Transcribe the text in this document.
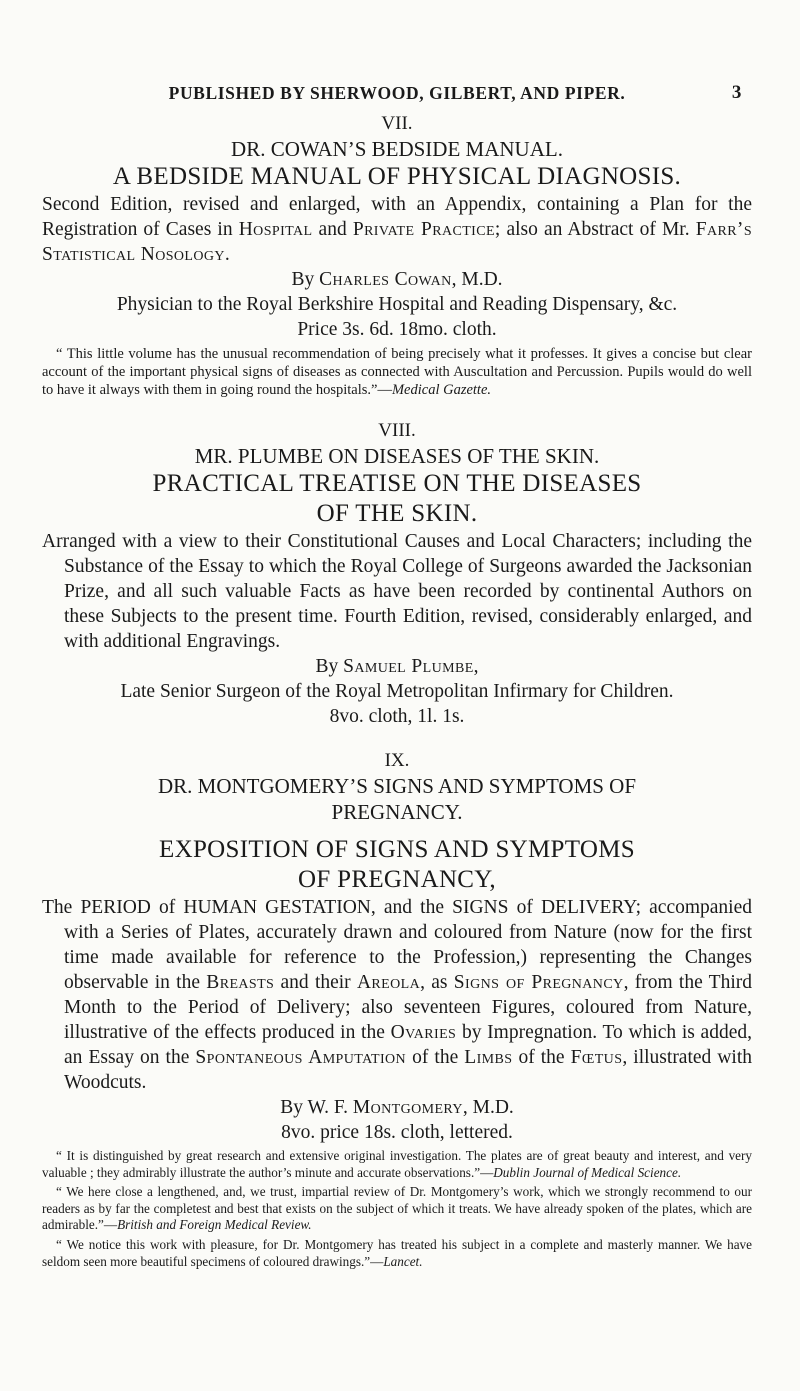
PUBLISHED BY SHERWOOD, GILBERT, AND PIPER.	3
VII.
DR. COWAN’S BEDSIDE MANUAL.
A BEDSIDE MANUAL OF PHYSICAL DIAGNOSIS.
Second Edition, revised and enlarged, with an Appendix, containing a Plan for the Registration of Cases in Hospital and Private Practice; also an Abstract of Mr. Farr’s Statistical Nosology.
By Charles Cowan, M.D.
Physician to the Royal Berkshire Hospital and Reading Dispensary, &c.
Price 3s. 6d. 18mo. cloth.

“ This little volume has the unusual recommendation of being precisely what it professes. It gives a concise but clear account of the important physical signs of diseases as connected with Auscultation and Percussion. Pupils would do well to have it always with them in going round the hospitals.”—Medical Gazette.

VIII.
MR. PLUMBE ON DISEASES OF THE SKIN.
PRACTICAL TREATISE ON THE DISEASES
OF THE SKIN.
Arranged with a view to their Constitutional Causes and Local Characters; including the Substance of the Essay to which the Royal College of Surgeons awarded the Jacksonian Prize, and all such valuable Facts as have been recorded by continental Authors on these Subjects to the present time. Fourth Edition, revised, considerably enlarged, and with additional Engravings.
By Samuel Plumbe,
Late Senior Surgeon of the Royal Metropolitan Infirmary for Children.
8vo. cloth, 1l. 1s.
IX.
DR. MONTGOMERY’S SIGNS AND SYMPTOMS OF
PREGNANCY.
EXPOSITION OF SIGNS AND SYMPTOMS
OF PREGNANCY,
The PERIOD of HUMAN GESTATION, and the SIGNS of DELIVERY; accompanied with a Series of Plates, accurately drawn and coloured from Nature (now for the first time made available for reference to the Profession,) representing the Changes observable in the Breasts and their Areola, as Signs of Pregnancy, from the Third Month to the Period of Delivery; also seventeen Figures, coloured from Nature, illustrative of the effects produced in the Ovaries by Impregnation. To which is added, an Essay on the Spontaneous Amputation of the Limbs of the Fœtus, illustrated with Woodcuts.
By W. F. Montgomery, M.D.
8vo. price 18s. cloth, lettered.

“ It is distinguished by great research and extensive original investigation. The plates are of great beauty and interest, and very valuable ; they admirably illustrate the author’s minute and accurate observations.”—Dublin Journal of Medical Science.

“ We here close a lengthened, and, we trust, impartial review of Dr. Montgomery’s work, which we strongly recommend to our readers as by far the completest and best that exists on the subject of which it treats. We have already spoken of the plates, which are admirable.”—British and Foreign Medical Review.

“ We notice this work with pleasure, for Dr. Montgomery has treated his subject in a complete and masterly manner. We have seldom seen more beautiful specimens of coloured drawings.”—Lancet.
